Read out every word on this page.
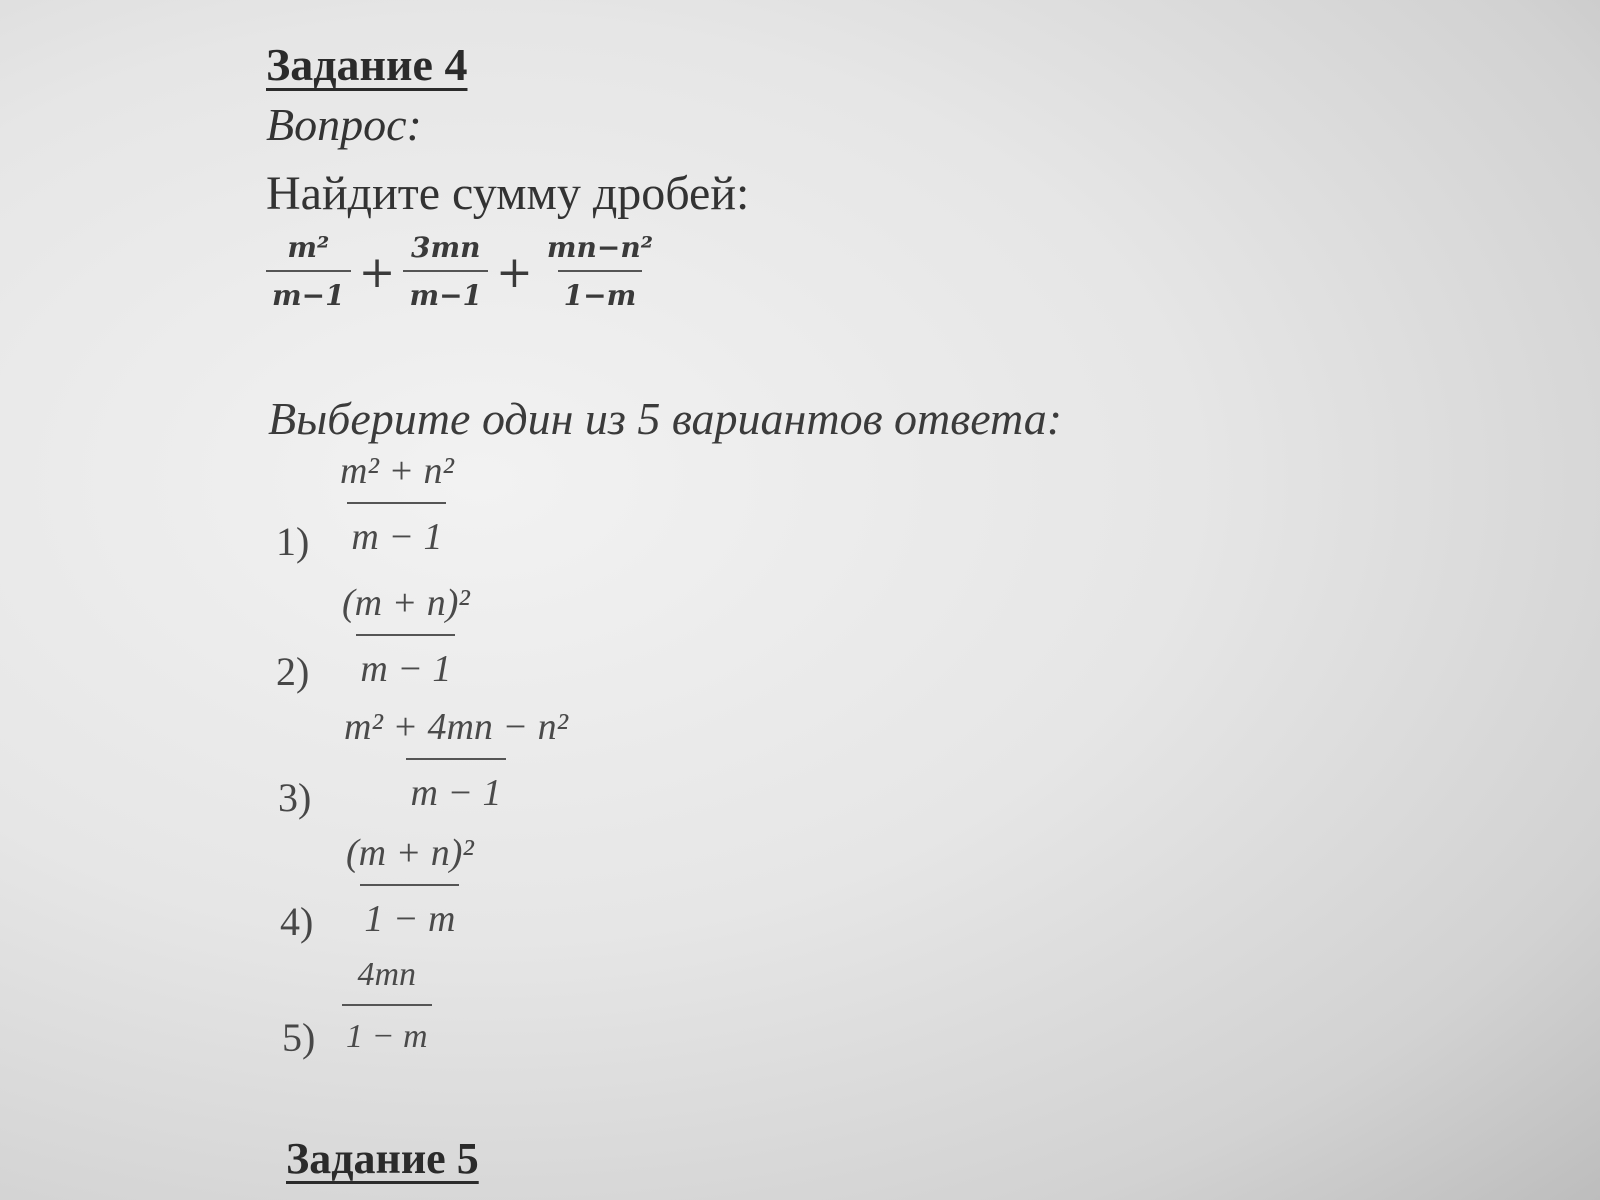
Задание 4
Вопрос:
Найдите сумму дробей:
$\frac{\text{m²}}{m-1} + \frac{3mn}{m-1} + \frac{\text{mn−n²}}{1-m}$
Выберите один из 5 вариантов ответа:
$1) \frac{\text{m² + n²}}{m - 1}$
$2) \frac{\text{(m + n)²}}{m - 1}$
$3) \frac{\text{m² + 4mn − n²}}{m - 1}$
$4) \frac{\text{(m + n)²}}{1 - m}$
$5) \frac{4mn}{1 - m}$
Задание 5
